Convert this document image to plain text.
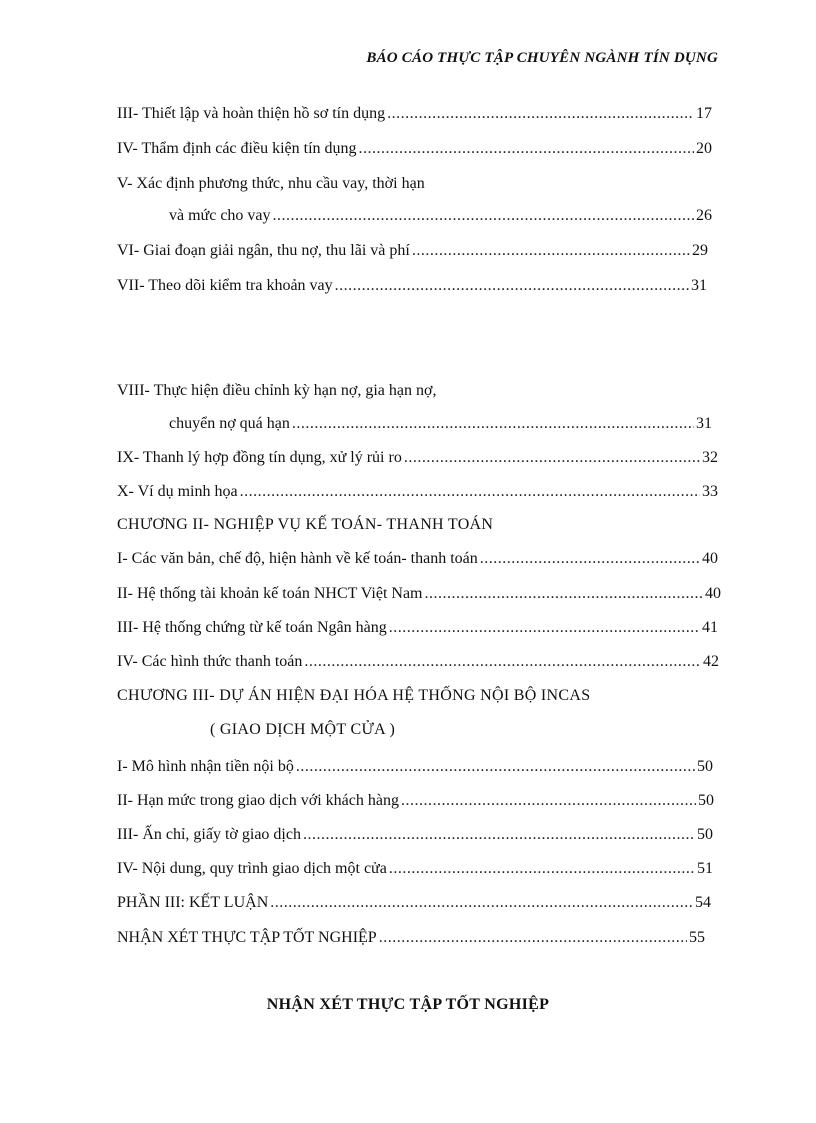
BÁO CÁO THỰC TẬP CHUYÊN NGÀNH TÍN DỤNG
III- Thiết lập và hoàn thiện hồ sơ tín dụng .....	17
IV- Thẩm định các điều kiện tín dụng .....	20
V- Xác định phương thức, nhu cầu vay, thời hạn
và mức cho vay .....	26
VI- Giai đoạn giải ngân, thu nợ, thu lãi và phí .....	29
VII- Theo dõi kiểm tra khoản vay .....	31
VIII- Thực hiện điều chỉnh kỳ hạn nợ, gia hạn nợ,
chuyển nợ quá hạn .....	31
IX- Thanh lý hợp đồng tín dụng, xử lý rủi ro .....	32
X- Ví dụ minh họa .....	33
CHƯƠNG II- NGHIỆP VỤ KẾ TOÁN- THANH TOÁN
I- Các văn bản, chế độ, hiện hành về kế toán- thanh toán .....	40
II- Hệ thống tài khoản kế toán NHCT Việt Nam .....	40
III- Hệ thống chứng từ kế toán Ngân hàng .....	41
IV- Các hình thức thanh toán .....	42
CHƯƠNG III- DỰ ÁN HIỆN ĐẠI HÓA HỆ THỐNG NỘI BỘ INCAS
( GIAO DỊCH MỘT CỬA )
I- Mô hình nhận tiền nội bộ .....	50
II- Hạn mức trong giao dịch với khách hàng .....	50
III- Ấn chỉ, giấy tờ giao dịch .....	50
IV- Nội dung, quy trình giao dịch một cửa .....	51
PHẦN III: KẾT LUẬN .....	54
NHẬN XÉT THỰC TẬP TỐT NGHIỆP .....	55
NHẬN XÉT THỰC TẬP TỐT NGHIỆP
